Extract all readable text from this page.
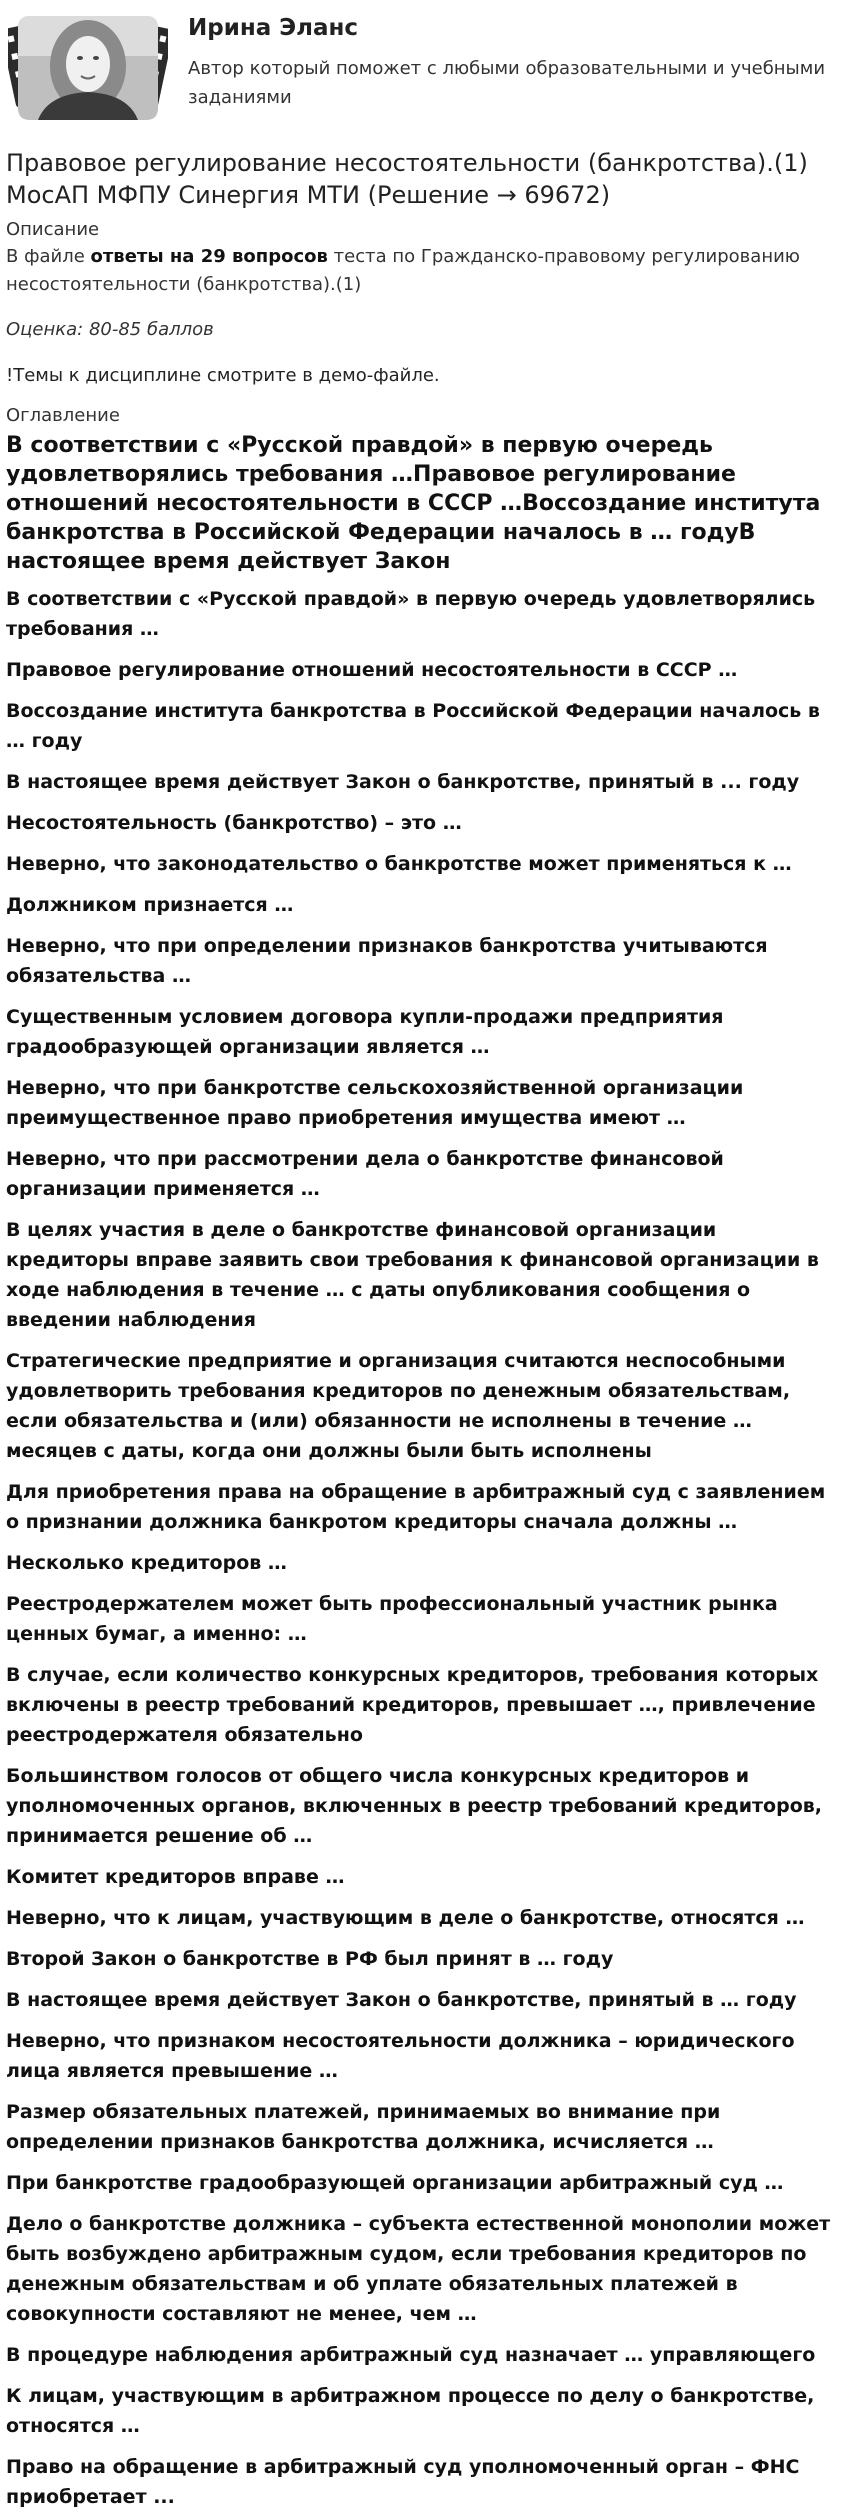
Ирина Эланс
Автор который поможет с любыми образовательными и учебными заданиями
Правовое регулирование несостоятельности (банкротства).(1) МосАП МФПУ Синергия МТИ (Решение → 69672)
Описание
В файле ответы на 29 вопросов теста по Гражданско-правовому регулированию несостоятельности (банкротства).(1)
Оценка: 80-85 баллов
!Темы к дисциплине смотрите в демо-файле.
Оглавление
В соответствии с «Русской правдой» в первую очередь удовлетворялись требования …Правовое регулирование отношений несостоятельности в СССР …Воссоздание института банкротства в Российской Федерации началось в … годуВ настоящее время действует Закон
В соответствии с «Русской правдой» в первую очередь удовлетворялись требования …
Правовое регулирование отношений несостоятельности в СССР …
Воссоздание института банкротства в Российской Федерации началось в … году
В настоящее время действует Закон о банкротстве, принятый в ... году
Несостоятельность (банкротство) – это …
Неверно, что законодательство о банкротстве может применяться к …
Должником признается …
Неверно, что при определении признаков банкротства учитываются обязательства …
Существенным условием договора купли-продажи предприятия градообразующей организации является …
Неверно, что при банкротстве сельскохозяйственной организации преимущественное право приобретения имущества имеют …
Неверно, что при рассмотрении дела о банкротстве финансовой организации применяется …
В целях участия в деле о банкротстве финансовой организации кредиторы вправе заявить свои требования к финансовой организации в ходе наблюдения в течение … с даты опубликования сообщения о введении наблюдения
Стратегические предприятие и организация считаются неспособными удовлетворить требования кредиторов по денежным обязательствам, если обязательства и (или) обязанности не исполнены в течение … месяцев с даты, когда они должны были быть исполнены
Для приобретения права на обращение в арбитражный суд с заявлением о признании должника банкротом кредиторы сначала должны …
Несколько кредиторов …
Реестродержателем может быть профессиональный участник рынка ценных бумаг, а именно: …
В случае, если количество конкурсных кредиторов, требования которых включены в реестр требований кредиторов, превышает …, привлечение реестродержателя обязательно
Большинством голосов от общего числа конкурсных кредиторов и уполномоченных органов, включенных в реестр требований кредиторов, принимается решение об …
Комитет кредиторов вправе …
Неверно, что к лицам, участвующим в деле о банкротстве, относятся …
Второй Закон о банкротстве в РФ был принят в … году
В настоящее время действует Закон о банкротстве, принятый в … году
Неверно, что признаком несостоятельности должника – юридического лица является превышение …
Размер обязательных платежей, принимаемых во внимание при определении признаков банкротства должника, исчисляется …
При банкротстве градообразующей организации арбитражный суд …
Дело о банкротстве должника – субъекта естественной монополии может быть возбуждено арбитражным судом, если требования кредиторов по денежным обязательствам и об уплате обязательных платежей в совокупности составляют не менее, чем …
В процедуре наблюдения арбитражный суд назначает … управляющего
К лицам, участвующим в арбитражном процессе по делу о банкротстве, относятся …
Право на обращение в арбитражный суд уполномоченный орган – ФНС приобретает ...
